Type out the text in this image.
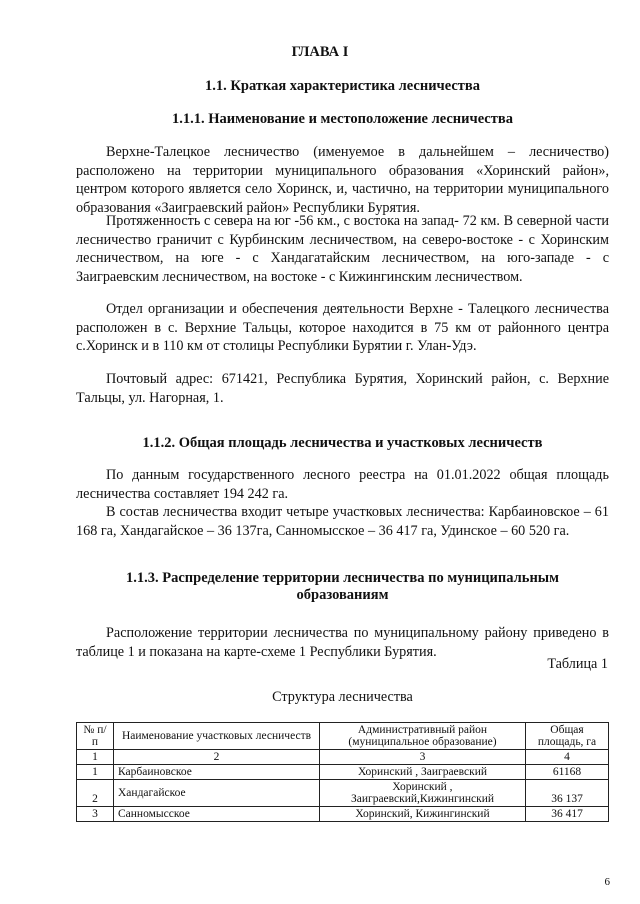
ГЛАВА I
1.1. Краткая характеристика лесничества
1.1.1. Наименование и местоположение лесничества
Верхне-Талецкое лесничество (именуемое в дальнейшем – лесничество) расположено на территории муниципального образования «Хоринский район», центром которого является село Хоринск, и, частично, на территории муниципального образования «Заиграевский район» Республики Бурятия.
Протяженность с севера на юг -56 км., с востока на запад- 72 км. В северной части лесничество граничит с Курбинским лесничеством, на северо-востоке - с Хоринским лесничеством, на юге - с Хандагатайским лесничеством, на юго-западе - с Заиграевским лесничеством, на востоке - с Кижингинским лесничеством.
Отдел организации и обеспечения деятельности Верхне - Талецкого лесничества расположен в с. Верхние Тальцы, которое находится в 75 км от районного центра с.Хоринск и в 110 км от столицы Республики Бурятии г. Улан-Удэ.
Почтовый адрес: 671421, Республика Бурятия, Хоринский район, с. Верхние Тальцы, ул. Нагорная, 1.
1.1.2. Общая площадь лесничества и участковых лесничеств
По данным государственного лесного реестра на 01.01.2022 общая площадь лесничества составляет 194 242 га.
В состав лесничества входит четыре участковых лесничества: Карбаиновское – 61 168 га, Хандагайское – 36 137га, Санномысское – 36 417 га, Удинское – 60 520 га.
1.1.3. Распределение территории лесничества по муниципальным
образованиям
Расположение территории лесничества по муниципальному району приведено в таблице 1 и показана на карте-схеме 1 Республики Бурятия.
Таблица 1
Структура лесничества
№ п/п	Наименование участковых лесничеств	Административный район (муниципальное образование)	Общая площадь, га
1	2	3	4
1	Карбаиновское	Хоринский , Заиграевский	61168
2	Хандагайское	Хоринский , Заиграевский,Кижингинский	36 137
3	Санномысское	Хоринский, Кижингинский	36 417
6
